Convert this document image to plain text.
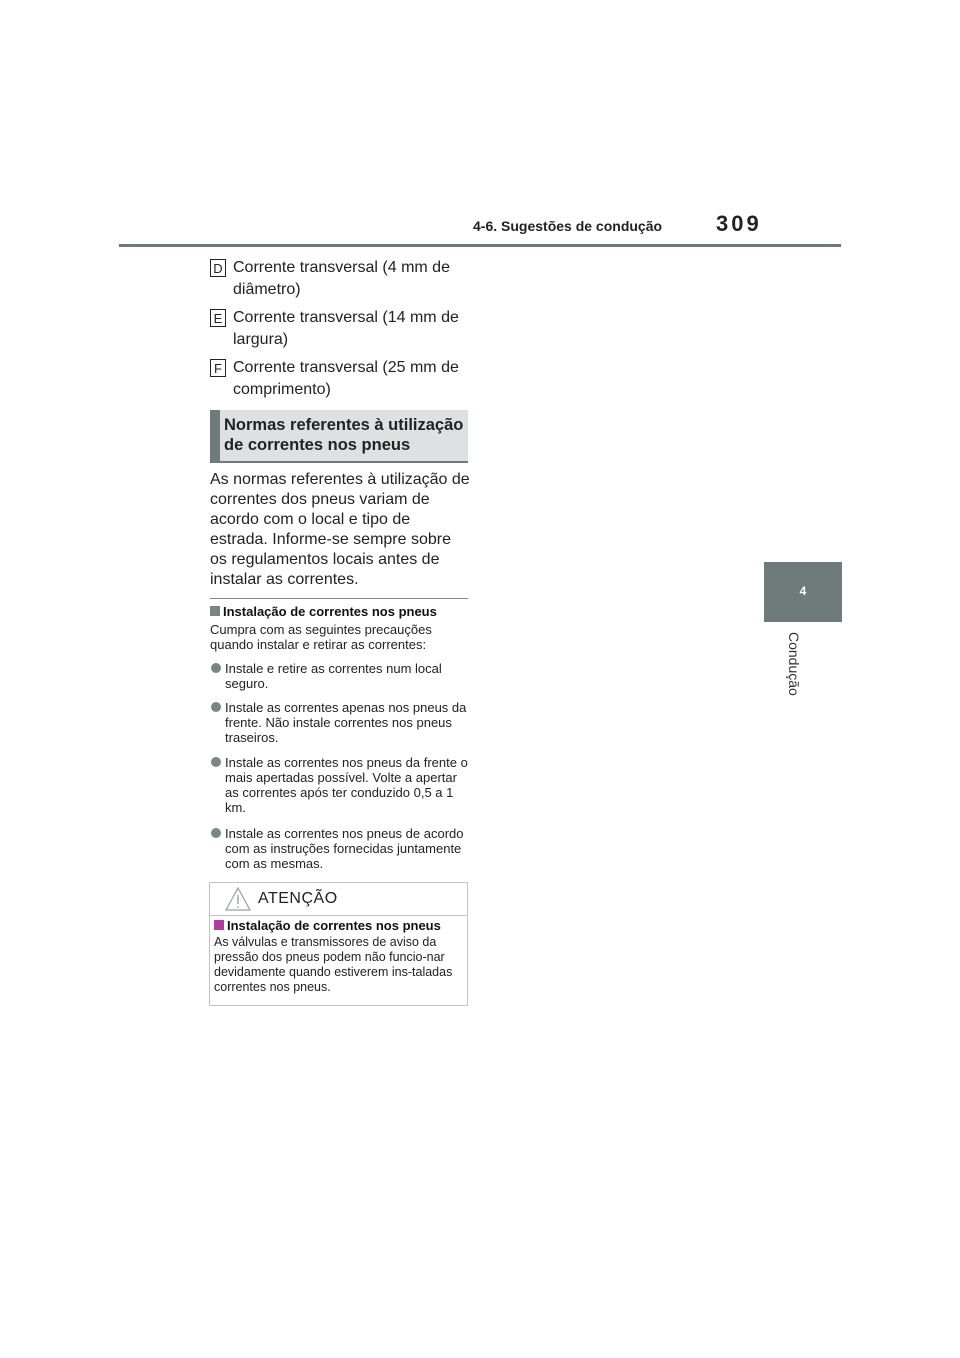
4-6. Sugestões de condução 309
4
Condução
D Corrente transversal (4 mm de diâmetro)
E Corrente transversal (14 mm de largura)
F Corrente transversal (25 mm de comprimento)
Normas referentes à utilização de correntes nos pneus
As normas referentes à utilização de correntes dos pneus variam de acordo com o local e tipo de estrada. Informe-se sempre sobre os regulamentos locais antes de instalar as correntes.
Instalação de correntes nos pneus
Cumpra com as seguintes precauções quando instalar e retirar as correntes:
Instale e retire as correntes num local seguro.
Instale as correntes apenas nos pneus da frente. Não instale correntes nos pneus traseiros.
Instale as correntes nos pneus da frente o mais apertadas possível. Volte a apertar as correntes após ter conduzido 0,5 a 1 km.
Instale as correntes nos pneus de acordo com as instruções fornecidas juntamente com as mesmas.
ATENÇÃO
Instalação de correntes nos pneus
As válvulas e transmissores de aviso da pressão dos pneus podem não funcio-nar devidamente quando estiverem ins-taladas correntes nos pneus.
